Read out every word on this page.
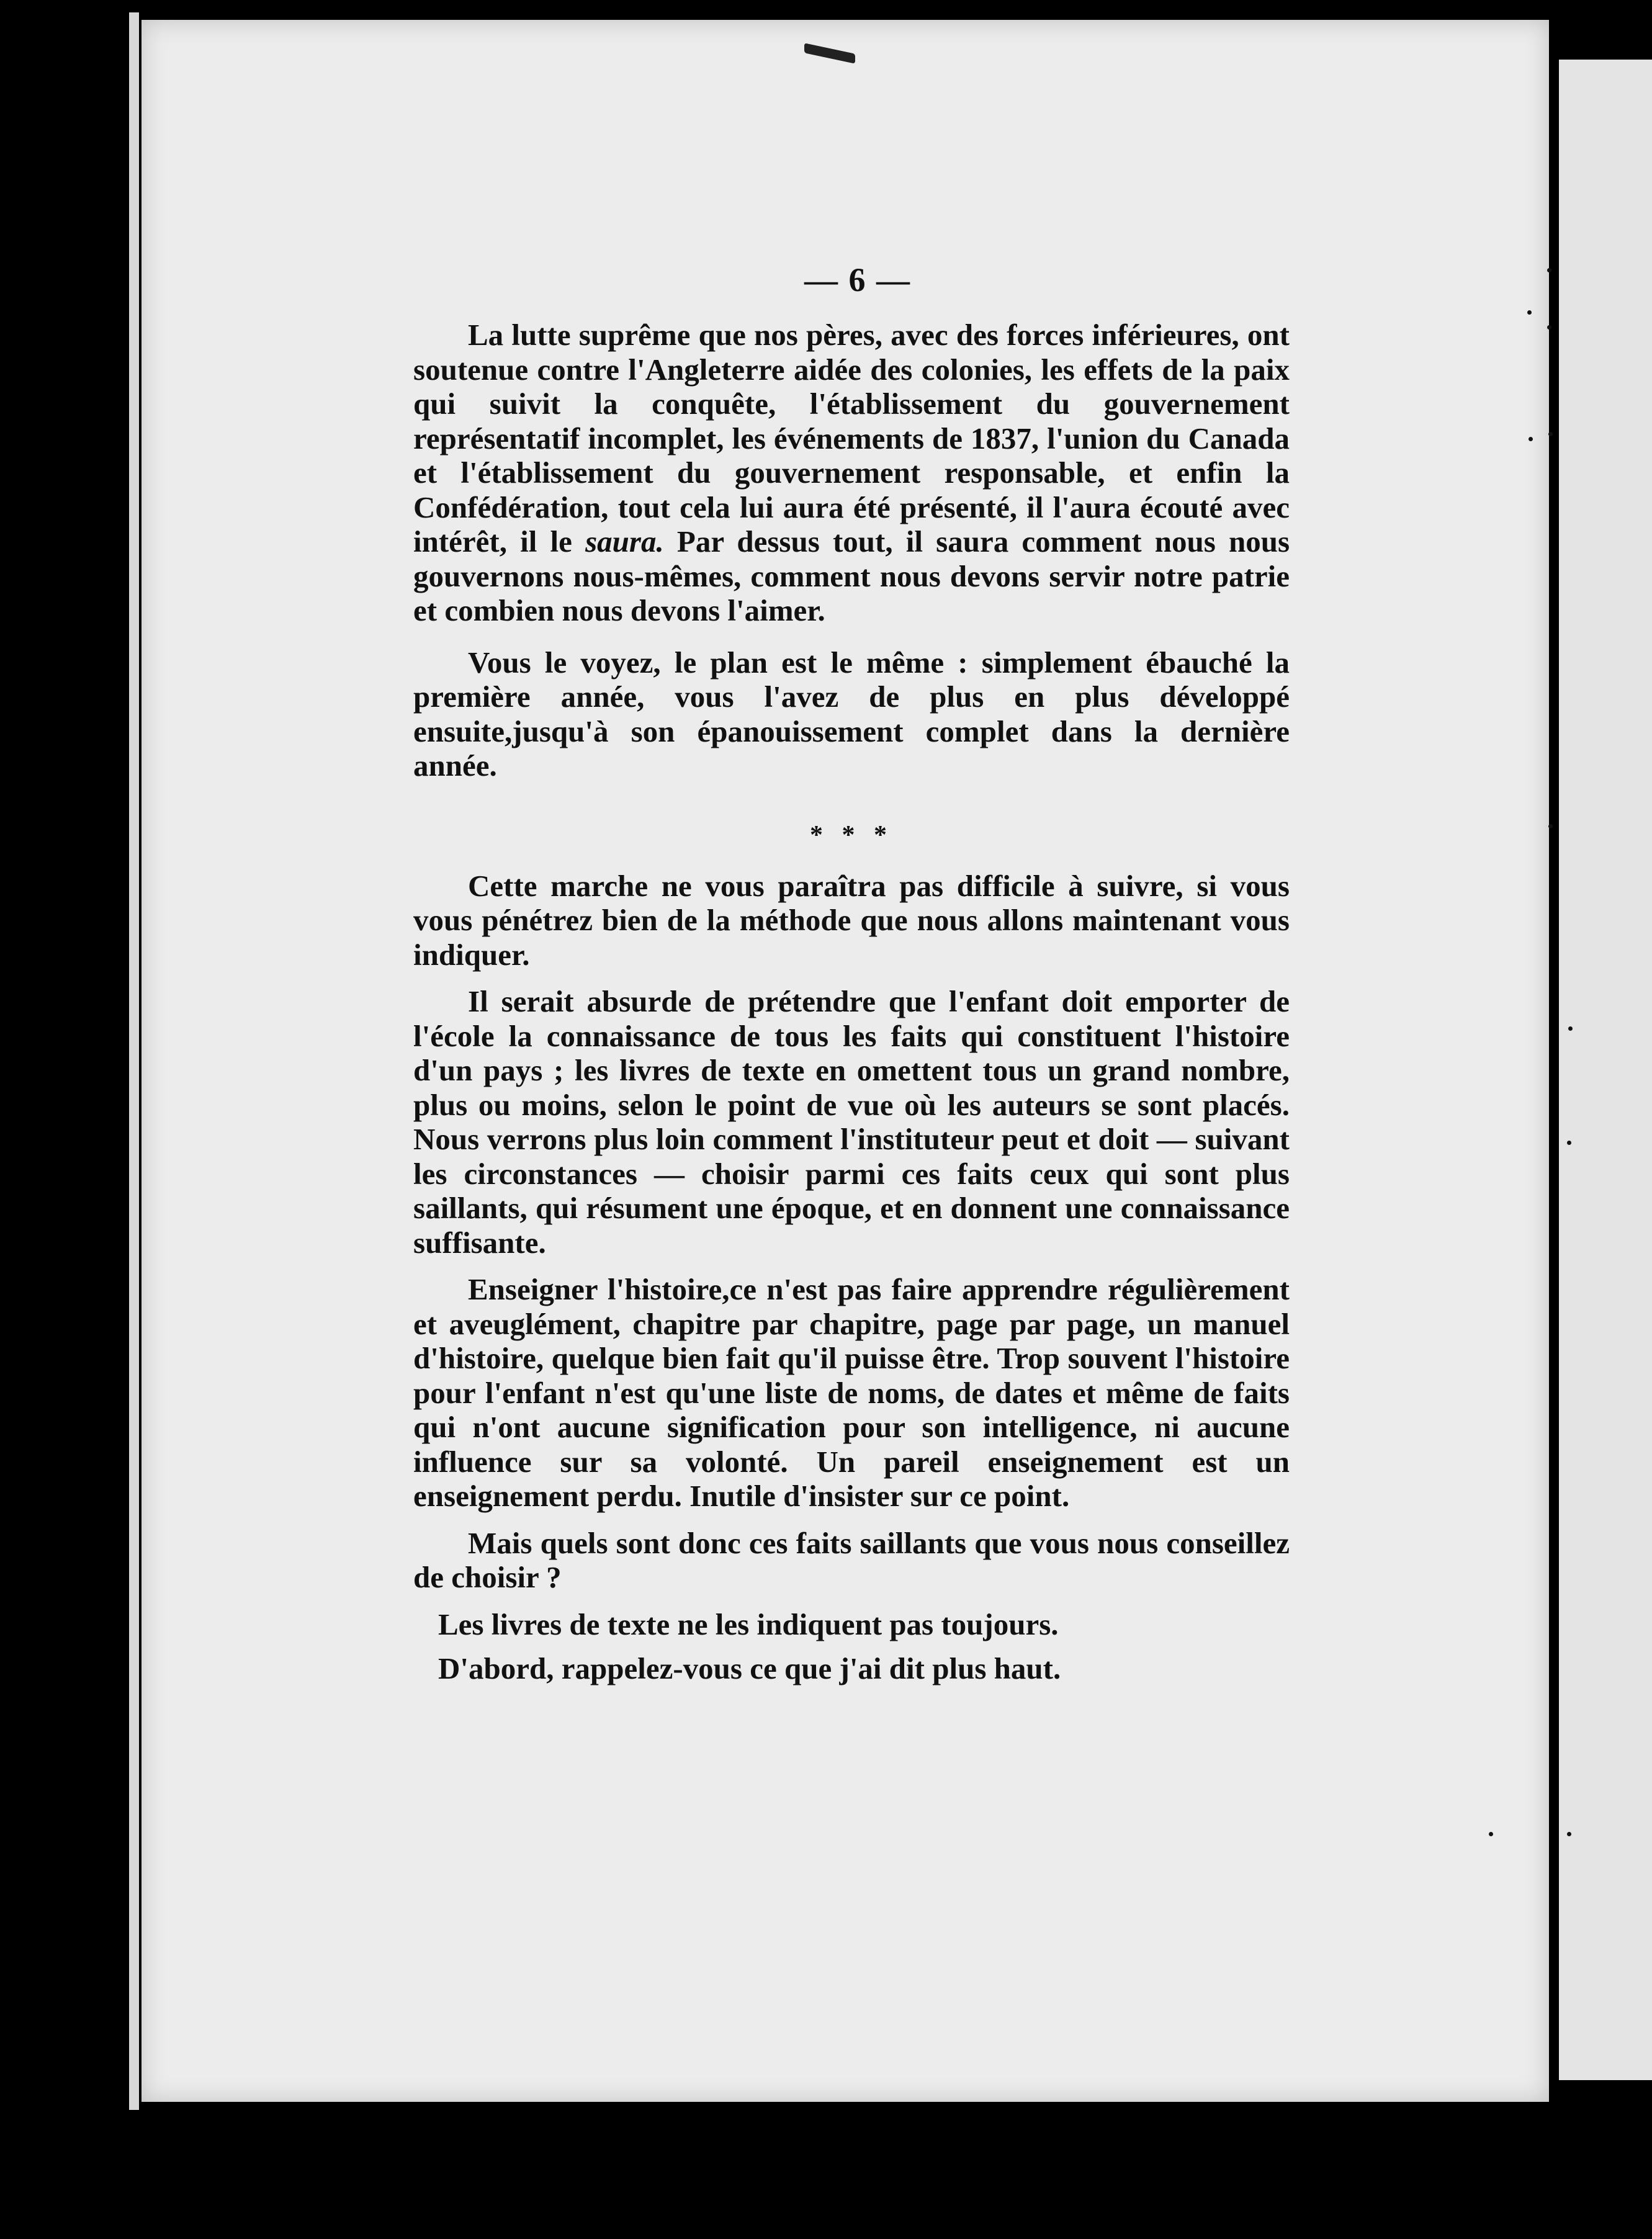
— 6 —

La lutte suprême que nos pères, avec des forces inférieures, ont soutenue contre l'Angleterre aidée des colonies, les effets de la paix qui suivit la conquête, l'établissement du gouvernement représentatif incomplet, les événements de 1837, l'union du Canada et l'établissement du gouvernement responsable, et enfin la Confédération, tout cela lui aura été présenté, il l'aura écouté avec intérêt, il le saura. Par dessus tout, il saura comment nous nous gouvernons nous-mêmes, comment nous devons servir notre patrie et combien nous devons l'aimer.

Vous le voyez, le plan est le même : simplement ébauché la première année, vous l'avez de plus en plus développé ensuite,jusqu'à son épanouissement complet dans la dernière année.

* * *

Cette marche ne vous paraîtra pas difficile à suivre, si vous vous pénétrez bien de la méthode que nous allons maintenant vous indiquer.

Il serait absurde de prétendre que l'enfant doit emporter de l'école la connaissance de tous les faits qui constituent l'histoire d'un pays ; les livres de texte en omettent tous un grand nombre, plus ou moins, selon le point de vue où les auteurs se sont placés. Nous verrons plus loin comment l'instituteur peut et doit — suivant les circonstances — choisir parmi ces faits ceux qui sont plus saillants, qui résument une époque, et en donnent une connaissance suffisante.

Enseigner l'histoire,ce n'est pas faire apprendre régulièrement et aveuglément, chapitre par chapitre, page par page, un manuel d'histoire, quelque bien fait qu'il puisse être. Trop souvent l'histoire pour l'enfant n'est qu'une liste de noms, de dates et même de faits qui n'ont aucune signification pour son intelligence, ni aucune influence sur sa volonté. Un pareil enseignement est un enseignement perdu. Inutile d'insister sur ce point.

Mais quels sont donc ces faits saillants que vous nous conseillez de choisir ?

Les livres de texte ne les indiquent pas toujours.

D'abord, rappelez-vous ce que j'ai dit plus haut.
